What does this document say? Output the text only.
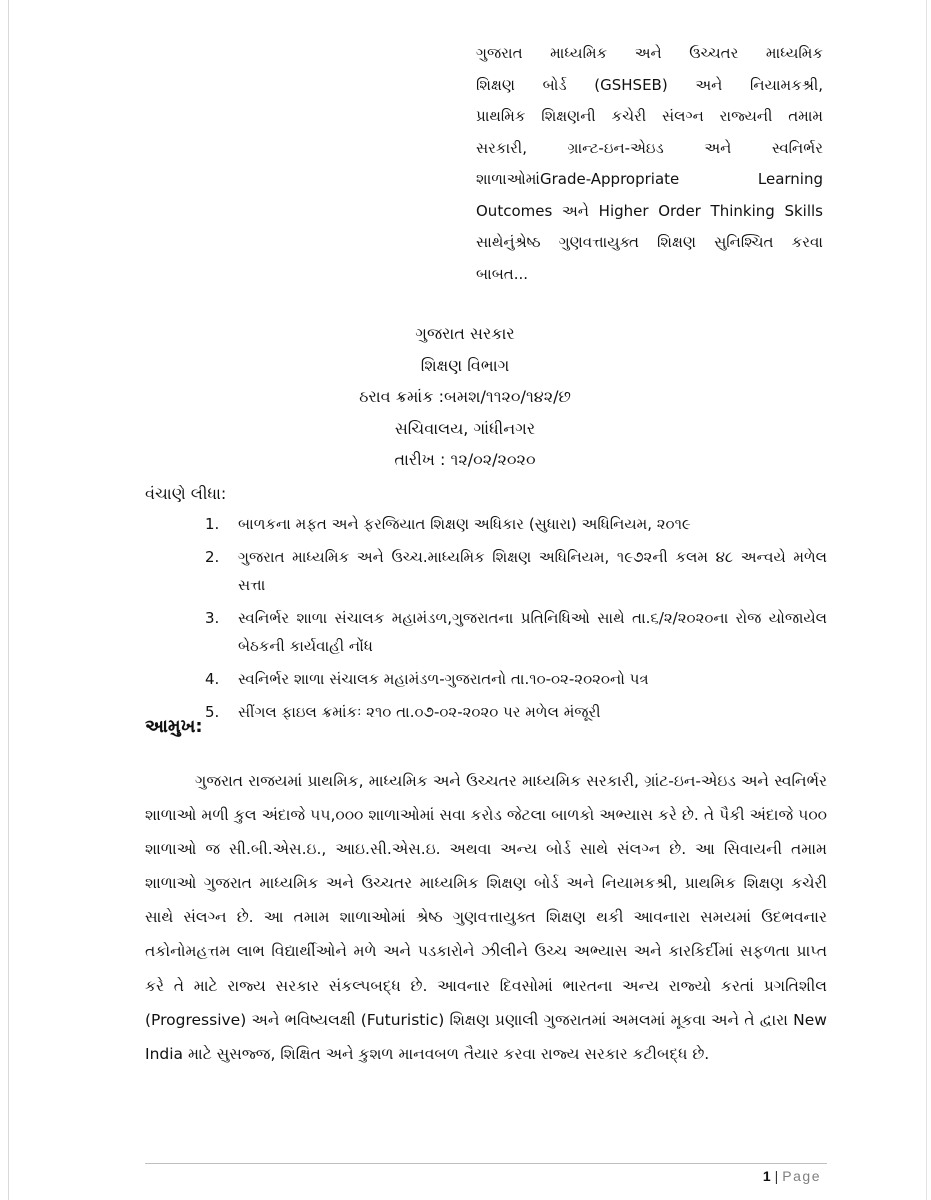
ગુજરાત માધ્યમિક અને ઉચ્ચતર માધ્યમિક
શિક્ષણ બોર્ડ (GSHSEB) અને નિયામકશ્રી,
પ્રાથમિક શિક્ષણની કચેરી સંલગ્ન રાજ્યની તમામ
સરકારી, ગ્રાન્ટ-ઇન-એઇડ અને સ્વનિર્ભર
શાળાઓમાંGrade-Appropriate Learning
Outcomes અને Higher Order Thinking Skills
સાથેનુંશ્રેષ્ઠ ગુણવત્તાયુક્ત શિક્ષણ સુનિશ્ચિત કરવા
બાબત...
ગુજરાત સરકાર
શિક્ષણ વિભાગ
ઠરાવ ક્રમાંક :બમશ/૧૧૨૦/૧૪૨/છ
સચિવાલય, ગાંધીનગર
તારીખ : ૧૨/૦૨/૨૦૨૦
વંચાણે લીધા:
1. બાળકના મફત અને ફરજિયાત શિક્ષણ અધિકાર (સુધારા) અધિનિયમ, ૨૦૧૯
2. ગુજરાત માધ્યમિક અને ઉચ્ચ.માધ્યમિક શિક્ષણ અધિનિયમ, ૧૯૭૨ની કલમ ૪૮ અન્વયે મળેલ સત્તા
3. સ્વનિર્ભર શાળા સંચાલક મહામંડળ,ગુજરાતના પ્રતિનિધિઓ સાથે તા.૬/૨/૨૦૨૦ના રોજ યોજાયેલ બેઠકની કાર્યવાહી નોંધ
4. સ્વનિર્ભર શાળા સંચાલક મહામંડળ-ગુજરાતનો તા.૧૦-૦૨-૨૦૨૦નો પત્ર
5. સીંગલ ફાઇલ ક્રમાંકઃ ૨૧૦ તા.૦૭-૦૨-૨૦૨૦ પર મળેલ મંજૂરી
આમુખ:

ગુજરાત રાજયમાં પ્રાથમિક, માધ્યમિક અને ઉચ્ચતર માધ્યમિક સરકારી, ગ્રાંટ-ઇન-એઇડ અને સ્વનિર્ભર શાળાઓ મળી કુલ અંદાજે ૫૫,૦૦૦ શાળાઓમાં સવા કરોડ જેટલા બાળકો અભ્યાસ કરે છે. તે પૈકી અંદાજે ૫૦૦ શાળાઓ જ સી.બી.એસ.ઇ., આઇ.સી.એસ.ઇ. અથવા અન્ય બોર્ડ સાથે સંલગ્ન છે. આ સિવાયની તમામ શાળાઓ ગુજરાત માધ્યમિક અને ઉચ્ચતર માધ્યમિક શિક્ષણ બોર્ડ અને નિયામકશ્રી, પ્રાથમિક શિક્ષણ કચેરી સાથે સંલગ્ન છે. આ તમામ શાળાઓમાં શ્રેષ્ઠ ગુણવત્તાયુક્ત શિક્ષણ થકી આવનારા સમયમાં ઉદભવનાર તકોનોમહત્તમ લાભ વિદ્યાર્થીઓને મળે અને પડકારોને ઝીલીને ઉચ્ચ અભ્યાસ અને કારકિર્દીમાં સફળતા પ્રાપ્ત કરે તે માટે રાજ્ય સરકાર સંકલ્પબદ્ધ છે. આવનાર દિવસોમાં ભારતના અન્ય રાજ્યો કરતાં પ્રગતિશીલ (Progressive) અને ભવિષ્યલક્ષી (Futuristic) શિક્ષણ પ્રણાલી ગુજરાતમાં અમલમાં મૂકવા અને તે દ્વારા New India માટે સુસજ્જ, શિક્ષિત અને કુશળ માનવબળ તૈયાર કરવા રાજ્ય સરકાર કટીબદ્ધ છે.

1 | Page
